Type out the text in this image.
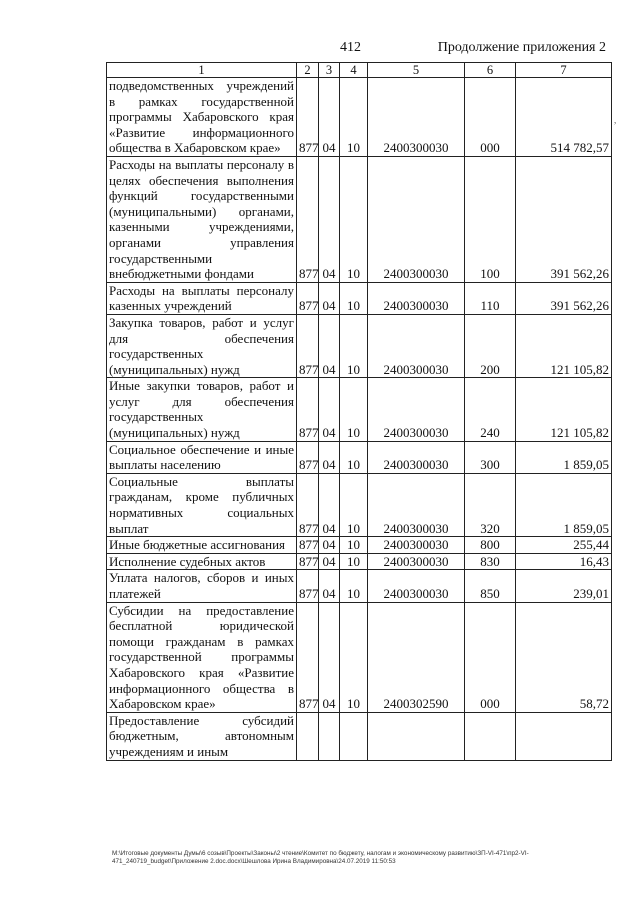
412	Продолжение приложения 2
,
1	2	3	4	5	6	7
подведомственных учреждений в рамках государственной программы Хабаровского края «Развитие информационного общества в Хабаровском крае»	877	04	10	2400300030	000	514 782,57
Расходы на выплаты персоналу в целях обеспечения выполнения функций государственными (муниципальными) органами, казенными учреждениями, органами управления государственными внебюджетными фондами	877	04	10	2400300030	100	391 562,26
Расходы на выплаты персоналу казенных учреждений	877	04	10	2400300030	110	391 562,26
Закупка товаров, работ и услуг для обеспечения государственных (муниципальных) нужд	877	04	10	2400300030	200	121 105,82
Иные закупки товаров, работ и услуг для обеспечения государственных (муниципальных) нужд	877	04	10	2400300030	240	121 105,82
Социальное обеспечение и иные выплаты населению	877	04	10	2400300030	300	1 859,05
Социальные выплаты гражданам, кроме публичных нормативных социальных выплат	877	04	10	2400300030	320	1 859,05
Иные бюджетные ассигнования	877	04	10	2400300030	800	255,44
Исполнение судебных актов	877	04	10	2400300030	830	16,43
Уплата налогов, сборов и иных платежей	877	04	10	2400300030	850	239,01
Субсидии на предоставление бесплатной юридической помощи гражданам в рамках государственной программы Хабаровского края «Развитие информационного общества в Хабаровском крае»	877	04	10	2400302590	000	58,72
Предоставление субсидий бюджетным, автономным учреждениям и иным						
M:\Итоговые документы Думы\6 созыв\Проекты\Законы\2 чтение\Комитет по бюджету, налогам и экономическому развитию\ЗП-VI-471\пр2-VI-471_240719_budget\Приложение 2.doc.docx\Шешлова Ирина Владимировна\24.07.2019 11:50:53
